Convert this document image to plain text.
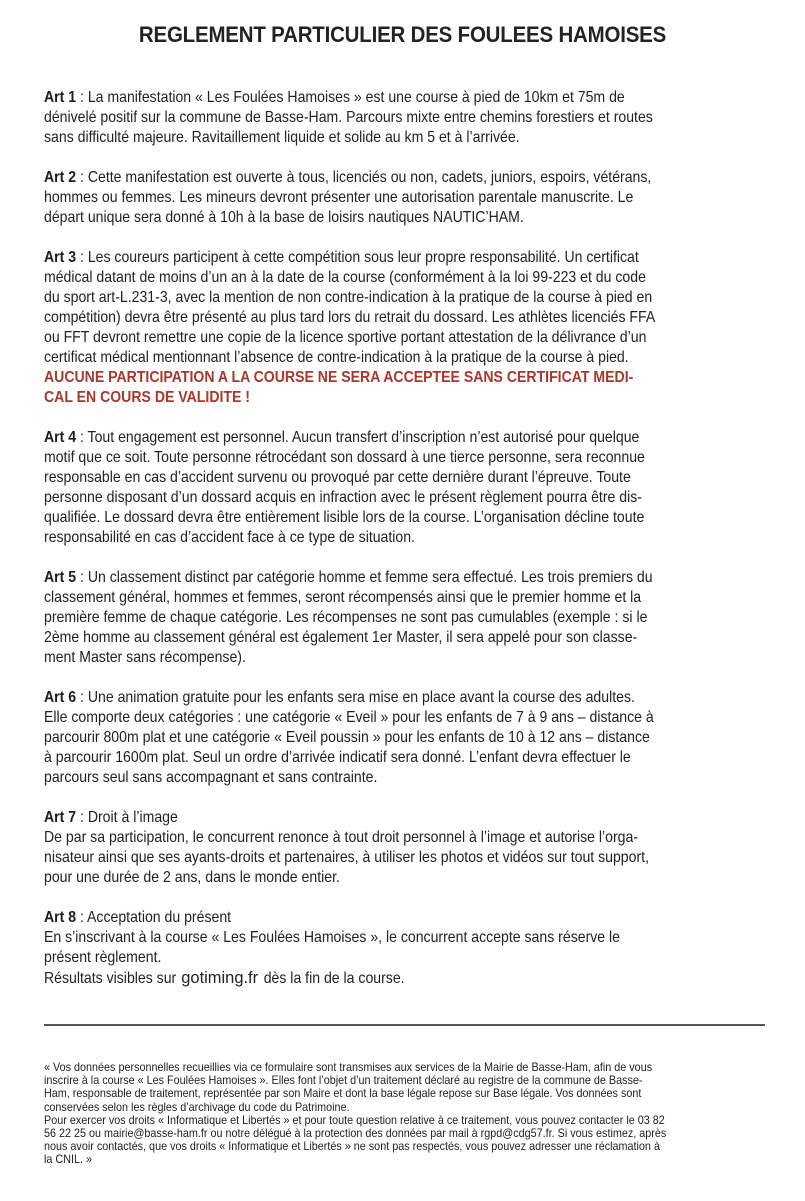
REGLEMENT PARTICULIER DES FOULEES HAMOISES
Art 1 : La manifestation « Les Foulées Hamoises » est une course à pied de 10km et 75m de
dénivelé positif sur la commune de Basse-Ham. Parcours mixte entre chemins forestiers et routes
sans difficulté majeure. Ravitaillement liquide et solide au km 5 et à l’arrivée.
Art 2 : Cette manifestation est ouverte à tous, licenciés ou non, cadets, juniors, espoirs, vétérans,
hommes ou femmes. Les mineurs devront présenter une autorisation parentale manuscrite. Le
départ unique sera donné à 10h à la base de loisirs nautiques NAUTIC’HAM.
Art 3 : Les coureurs participent à cette compétition sous leur propre responsabilité. Un certificat
médical datant de moins d’un an à la date de la course (conformément à la loi 99-223 et du code
du sport art-L.231-3, avec la mention de non contre-indication à la pratique de la course à pied en
compétition) devra être présenté au plus tard lors du retrait du dossard. Les athlètes licenciés FFA
ou FFT devront remettre une copie de la licence sportive portant attestation de la délivrance d’un
certificat médical mentionnant l’absence de contre-indication à la pratique de la course à pied.
AUCUNE PARTICIPATION A LA COURSE NE SERA ACCEPTEE SANS CERTIFICAT MEDI-
CAL EN COURS DE VALIDITE !
Art 4 : Tout engagement est personnel. Aucun transfert d’inscription n’est autorisé pour quelque
motif que ce soit. Toute personne rétrocédant son dossard à une tierce personne, sera reconnue
responsable en cas d’accident survenu ou provoqué par cette dernière durant l’épreuve. Toute
personne disposant d’un dossard acquis en infraction avec le présent règlement pourra être dis-
qualifiée. Le dossard devra être entièrement lisible lors de la course. L’organisation décline toute
responsabilité en cas d’accident face à ce type de situation.
Art 5 : Un classement distinct par catégorie homme et femme sera effectué. Les trois premiers du
classement général, hommes et femmes, seront récompensés ainsi que le premier homme et la
première femme de chaque catégorie. Les récompenses ne sont pas cumulables (exemple : si le
2ème homme au classement général est également 1er Master, il sera appelé pour son classe-
ment Master sans récompense).
Art 6 : Une animation gratuite pour les enfants sera mise en place avant la course des adultes.
Elle comporte deux catégories : une catégorie « Eveil » pour les enfants de 7 à 9 ans – distance à
parcourir 800m plat et une catégorie « Eveil poussin » pour les enfants de 10 à 12 ans – distance
à parcourir 1600m plat. Seul un ordre d’arrivée indicatif sera donné. L’enfant devra effectuer le
parcours seul sans accompagnant et sans contrainte.
Art 7 : Droit à l’image
De par sa participation, le concurrent renonce à tout droit personnel à l’image et autorise l’orga-
nisateur ainsi que ses ayants-droits et partenaires, à utiliser les photos et vidéos sur tout support,
pour une durée de 2 ans, dans le monde entier.
Art 8 : Acceptation du présent
En s’inscrivant à la course « Les Foulées Hamoises », le concurrent accepte sans réserve le
présent règlement.
Résultats visibles sur gotiming.fr dès la fin de la course.
« Vos données personnelles recueillies via ce formulaire sont transmises aux services de la Mairie de Basse-Ham, afin de vous
inscrire à la course « Les Foulées Hamoises ». Elles font l’objet d’un traitement déclaré au registre de la commune de Basse-
Ham, responsable de traitement, représentée par son Maire et dont la base légale repose sur Base légale. Vos données sont
conservées selon les règles d’archivage du code du Patrimoine.
Pour exercer vos droits « Informatique et Libertés » et pour toute question relative à ce traitement, vous pouvez contacter le 03 82
56 22 25 ou mairie@basse-ham.fr ou notre délégué à la protection des données par mail à rgpd@cdg57.fr. Si vous estimez, après
nous avoir contactés, que vos droits « Informatique et Libertés » ne sont pas respectés, vous pouvez adresser une réclamation à
la CNIL. »
